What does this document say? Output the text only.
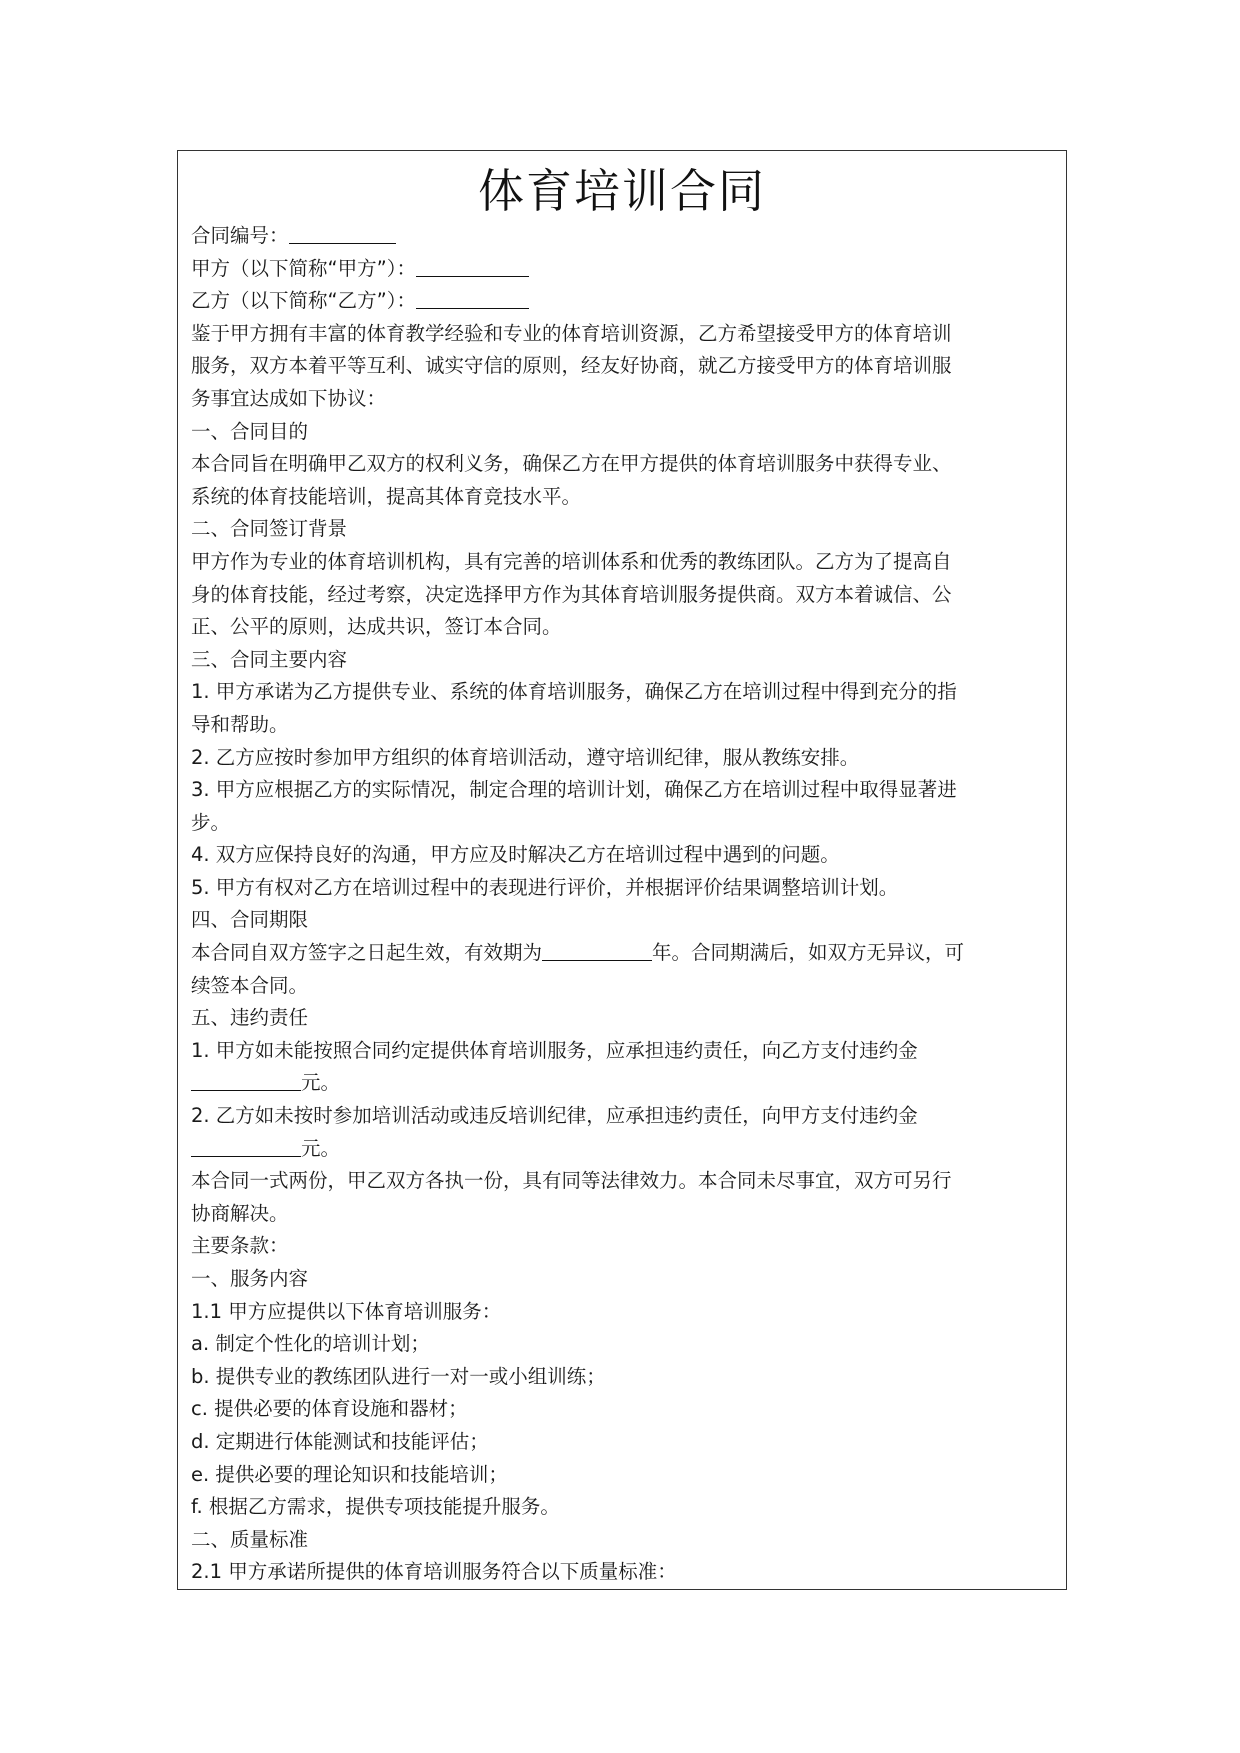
体育培训合同
合同编号：
甲方（以下简称“甲方”）：
乙方（以下简称“乙方”）：
鉴于甲方拥有丰富的体育教学经验和专业的体育培训资源，乙方希望接受甲方的体育培训
服务，双方本着平等互利、诚实守信的原则，经友好协商，就乙方接受甲方的体育培训服
务事宜达成如下协议：
一、合同目的
本合同旨在明确甲乙双方的权利义务，确保乙方在甲方提供的体育培训服务中获得专业、
系统的体育技能培训，提高其体育竞技水平。
二、合同签订背景
甲方作为专业的体育培训机构，具有完善的培训体系和优秀的教练团队。乙方为了提高自
身的体育技能，经过考察，决定选择甲方作为其体育培训服务提供商。双方本着诚信、公
正、公平的原则，达成共识，签订本合同。
三、合同主要内容
1. 甲方承诺为乙方提供专业、系统的体育培训服务，确保乙方在培训过程中得到充分的指
导和帮助。
2. 乙方应按时参加甲方组织的体育培训活动，遵守培训纪律，服从教练安排。
3. 甲方应根据乙方的实际情况，制定合理的培训计划，确保乙方在培训过程中取得显著进
步。
4. 双方应保持良好的沟通，甲方应及时解决乙方在培训过程中遇到的问题。
5. 甲方有权对乙方在培训过程中的表现进行评价，并根据评价结果调整培训计划。
四、合同期限
本合同自双方签字之日起生效，有效期为	年。合同期满后，如双方无异议，可
续签本合同。
五、违约责任
1. 甲方如未能按照合同约定提供体育培训服务，应承担违约责任，向乙方支付违约金
元。
2. 乙方如未按时参加培训活动或违反培训纪律，应承担违约责任，向甲方支付违约金
元。
本合同一式两份，甲乙双方各执一份，具有同等法律效力。本合同未尽事宜，双方可另行
协商解决。
主要条款：
一、服务内容
1.1 甲方应提供以下体育培训服务：
a. 制定个性化的培训计划；
b. 提供专业的教练团队进行一对一或小组训练；
c. 提供必要的体育设施和器材；
d. 定期进行体能测试和技能评估；
e. 提供必要的理论知识和技能培训；
f. 根据乙方需求，提供专项技能提升服务。
二、质量标准
2.1 甲方承诺所提供的体育培训服务符合以下质量标准：
